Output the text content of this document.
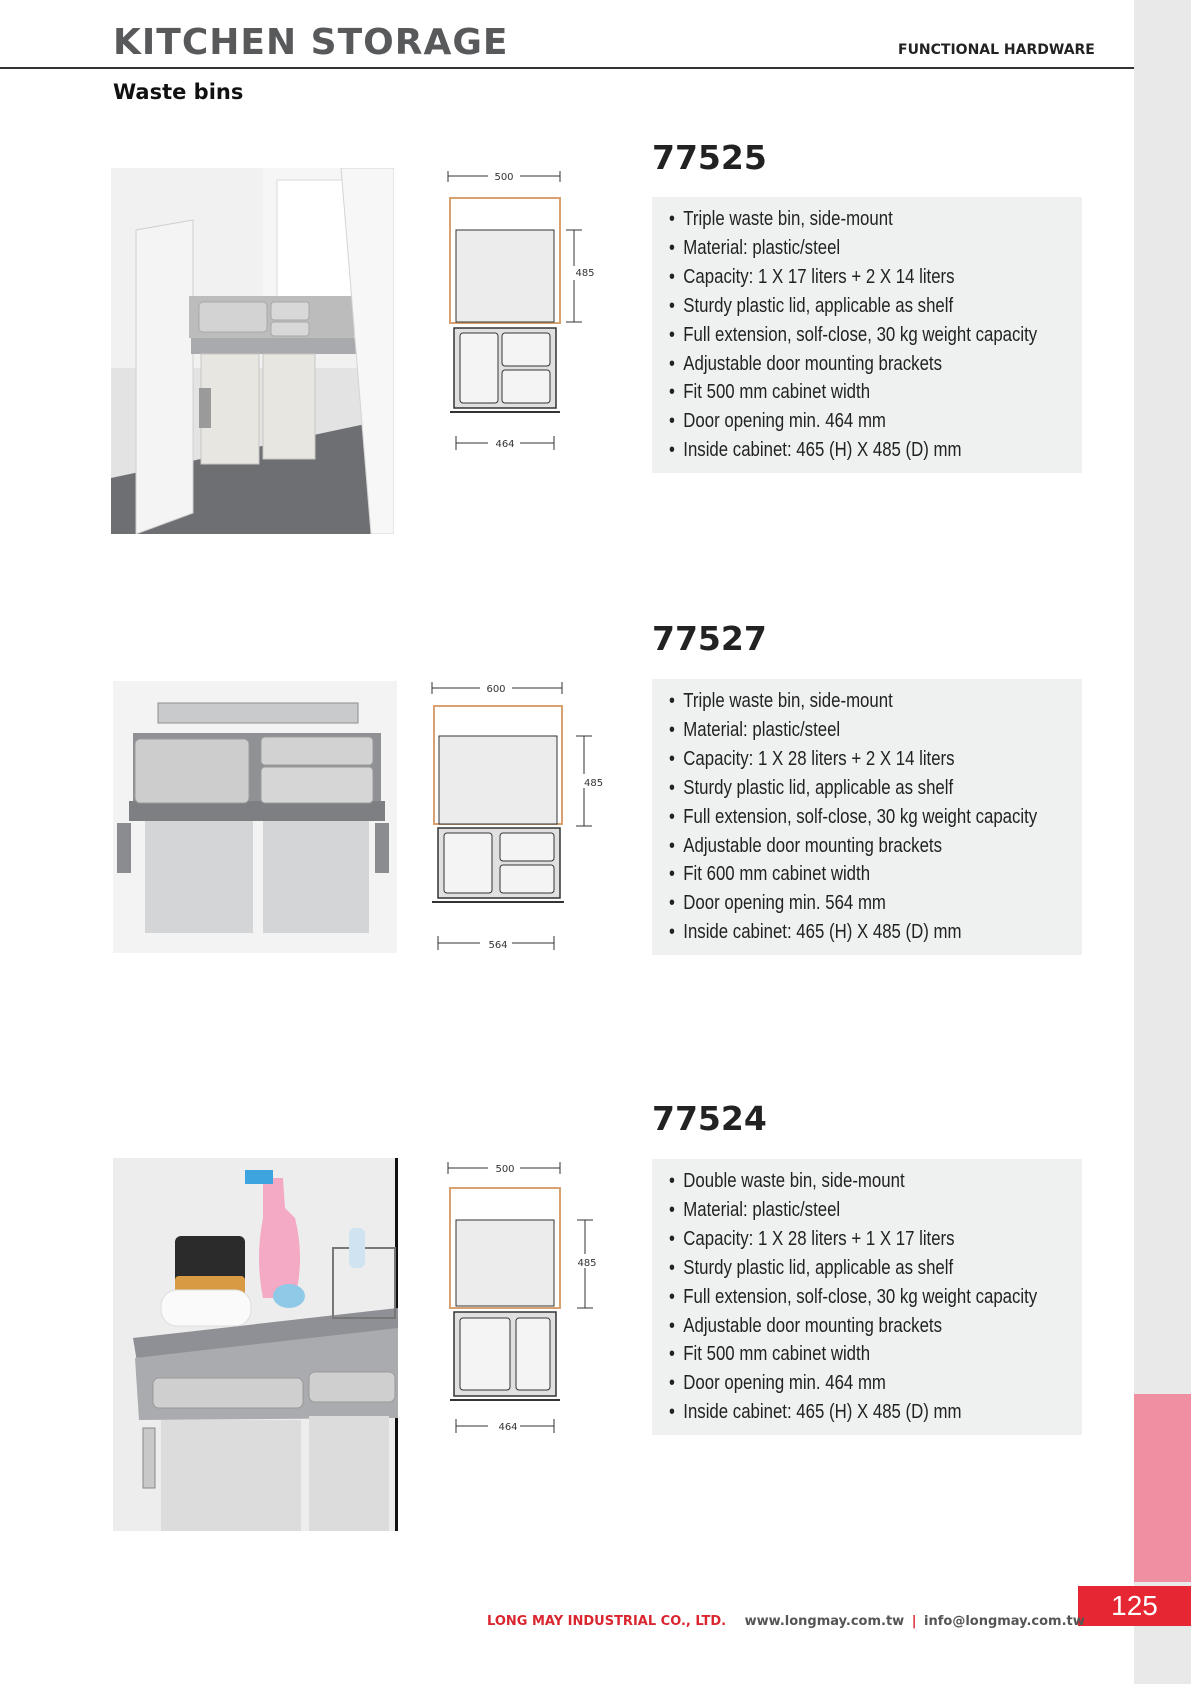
125
KITCHEN STORAGE	FUNCTIONAL HARDWARE
Waste bins
500
485
464
77525
• Triple waste bin, side-mount
• Material: plastic/steel
• Capacity: 1 X 17 liters + 2 X 14 liters
• Sturdy plastic lid, applicable as shelf
• Full extension, solf-close, 30 kg weight capacity
• Adjustable door mounting brackets
• Fit 500 mm cabinet width
• Door opening min. 464 mm
• Inside cabinet: 465 (H) X 485 (D) mm
600
485
564
77527
• Triple waste bin, side-mount
• Material: plastic/steel
• Capacity: 1 X 28 liters + 2 X 14 liters
• Sturdy plastic lid, applicable as shelf
• Full extension, solf-close, 30 kg weight capacity
• Adjustable door mounting brackets
• Fit 600 mm cabinet width
• Door opening min. 564 mm
• Inside cabinet: 465 (H) X 485 (D) mm
500
485
464
77524
• Double waste bin, side-mount
• Material: plastic/steel
• Capacity: 1 X 28 liters + 1 X 17 liters
• Sturdy plastic lid, applicable as shelf
• Full extension, solf-close, 30 kg weight capacity
• Adjustable door mounting brackets
• Fit 500 mm cabinet width
• Door opening min. 464 mm
• Inside cabinet: 465 (H) X 485 (D) mm
LONG MAY INDUSTRIAL CO., LTD. www.longmay.com.tw | info@longmay.com.tw
